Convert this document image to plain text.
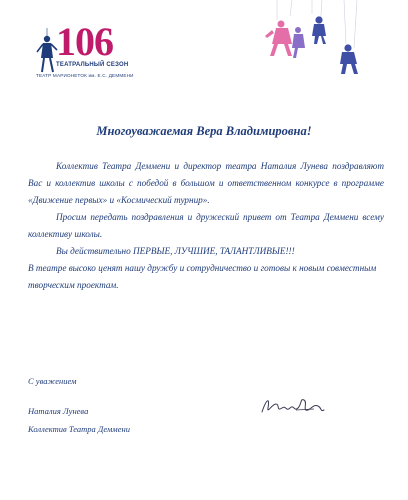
106
ТЕАТРАЛЬНЫЙ СЕЗОН
ТЕАТР МАРИОНЕТОК им. Е.С. ДЕММЕНИ
Многоуважаемая Вера Владимировна!

Коллектив Театра Деммени и директор театра Наталия Лунева поздравляют Вас и коллектив школы с победой в большом и ответственном конкурсе в программе «Движение первых» и «Космический турнир».

Просим передать поздравления и дружеский привет от Театра Деммени всему коллективу школы.

Вы действительно ПЕРВЫЕ, ЛУЧШИЕ, ТАЛАНТЛИВЫЕ!!!

В театре высоко ценят нашу дружбу и сотрудничество и готовы к новым совместным творческим проектам.

С уважением
Наталия Лунева
Коллектив Театра Деммени
